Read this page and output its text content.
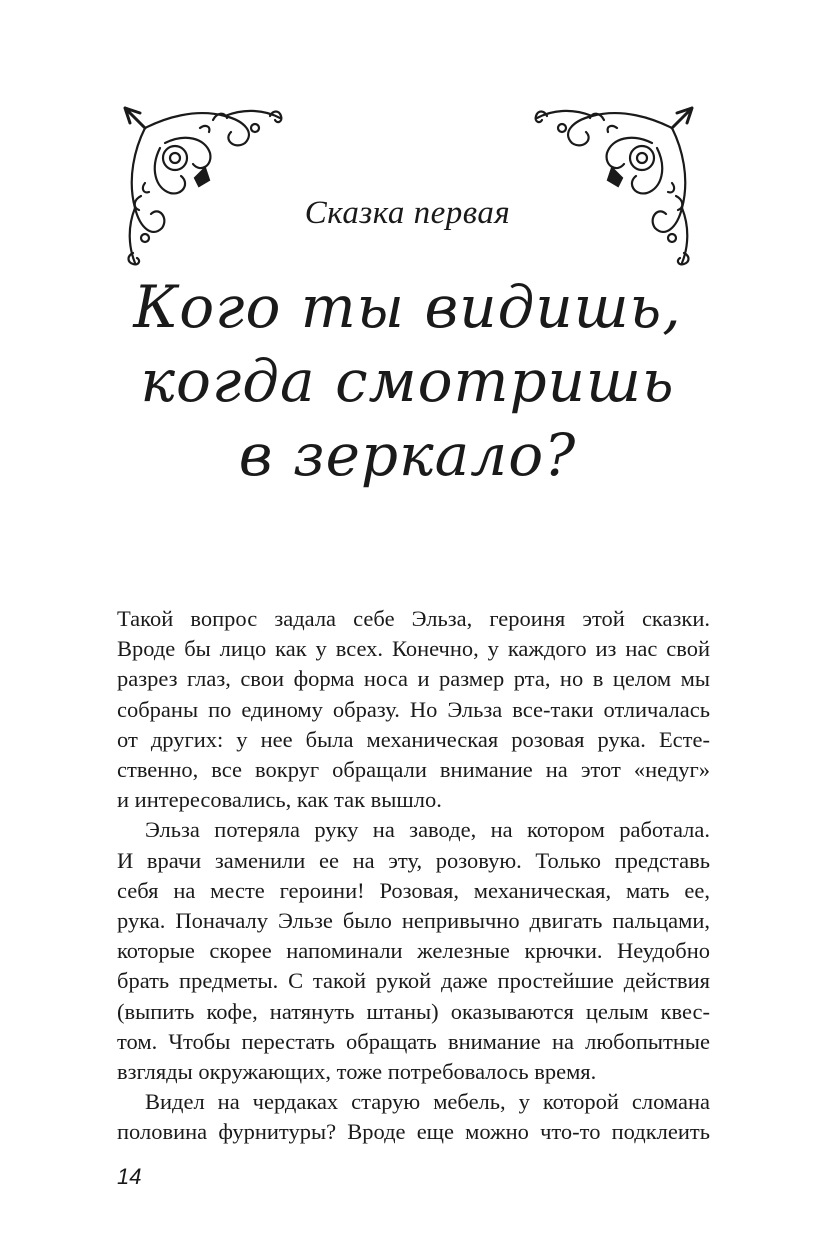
Сказка первая
Кого ты видишь,
когда смотришь
в зеркало?
Такой вопрос задала себе Эльза, героиня этой сказки.
Вроде бы лицо как у всех. Конечно, у каждого из нас свой
разрез глаз, свои форма носа и размер рта, но в целом мы
собраны по единому образу. Но Эльза все-таки отличалась
от других: у нее была механическая розовая рука. Есте-
ственно, все вокруг обращали внимание на этот «недуг»
и интересовались, как так вышло.
Эльза потеряла руку на заводе, на котором работала.
И врачи заменили ее на эту, розовую. Только представь
себя на месте героини! Розовая, механическая, мать ее,
рука. Поначалу Эльзе было непривычно двигать пальцами,
которые скорее напоминали железные крючки. Неудобно
брать предметы. С такой рукой даже простейшие действия
(выпить кофе, натянуть штаны) оказываются целым квес-
том. Чтобы перестать обращать внимание на любопытные
взгляды окружающих, тоже потребовалось время.
Видел на чердаках старую мебель, у которой сломана
половина фурнитуры? Вроде еще можно что-то подклеить
14
